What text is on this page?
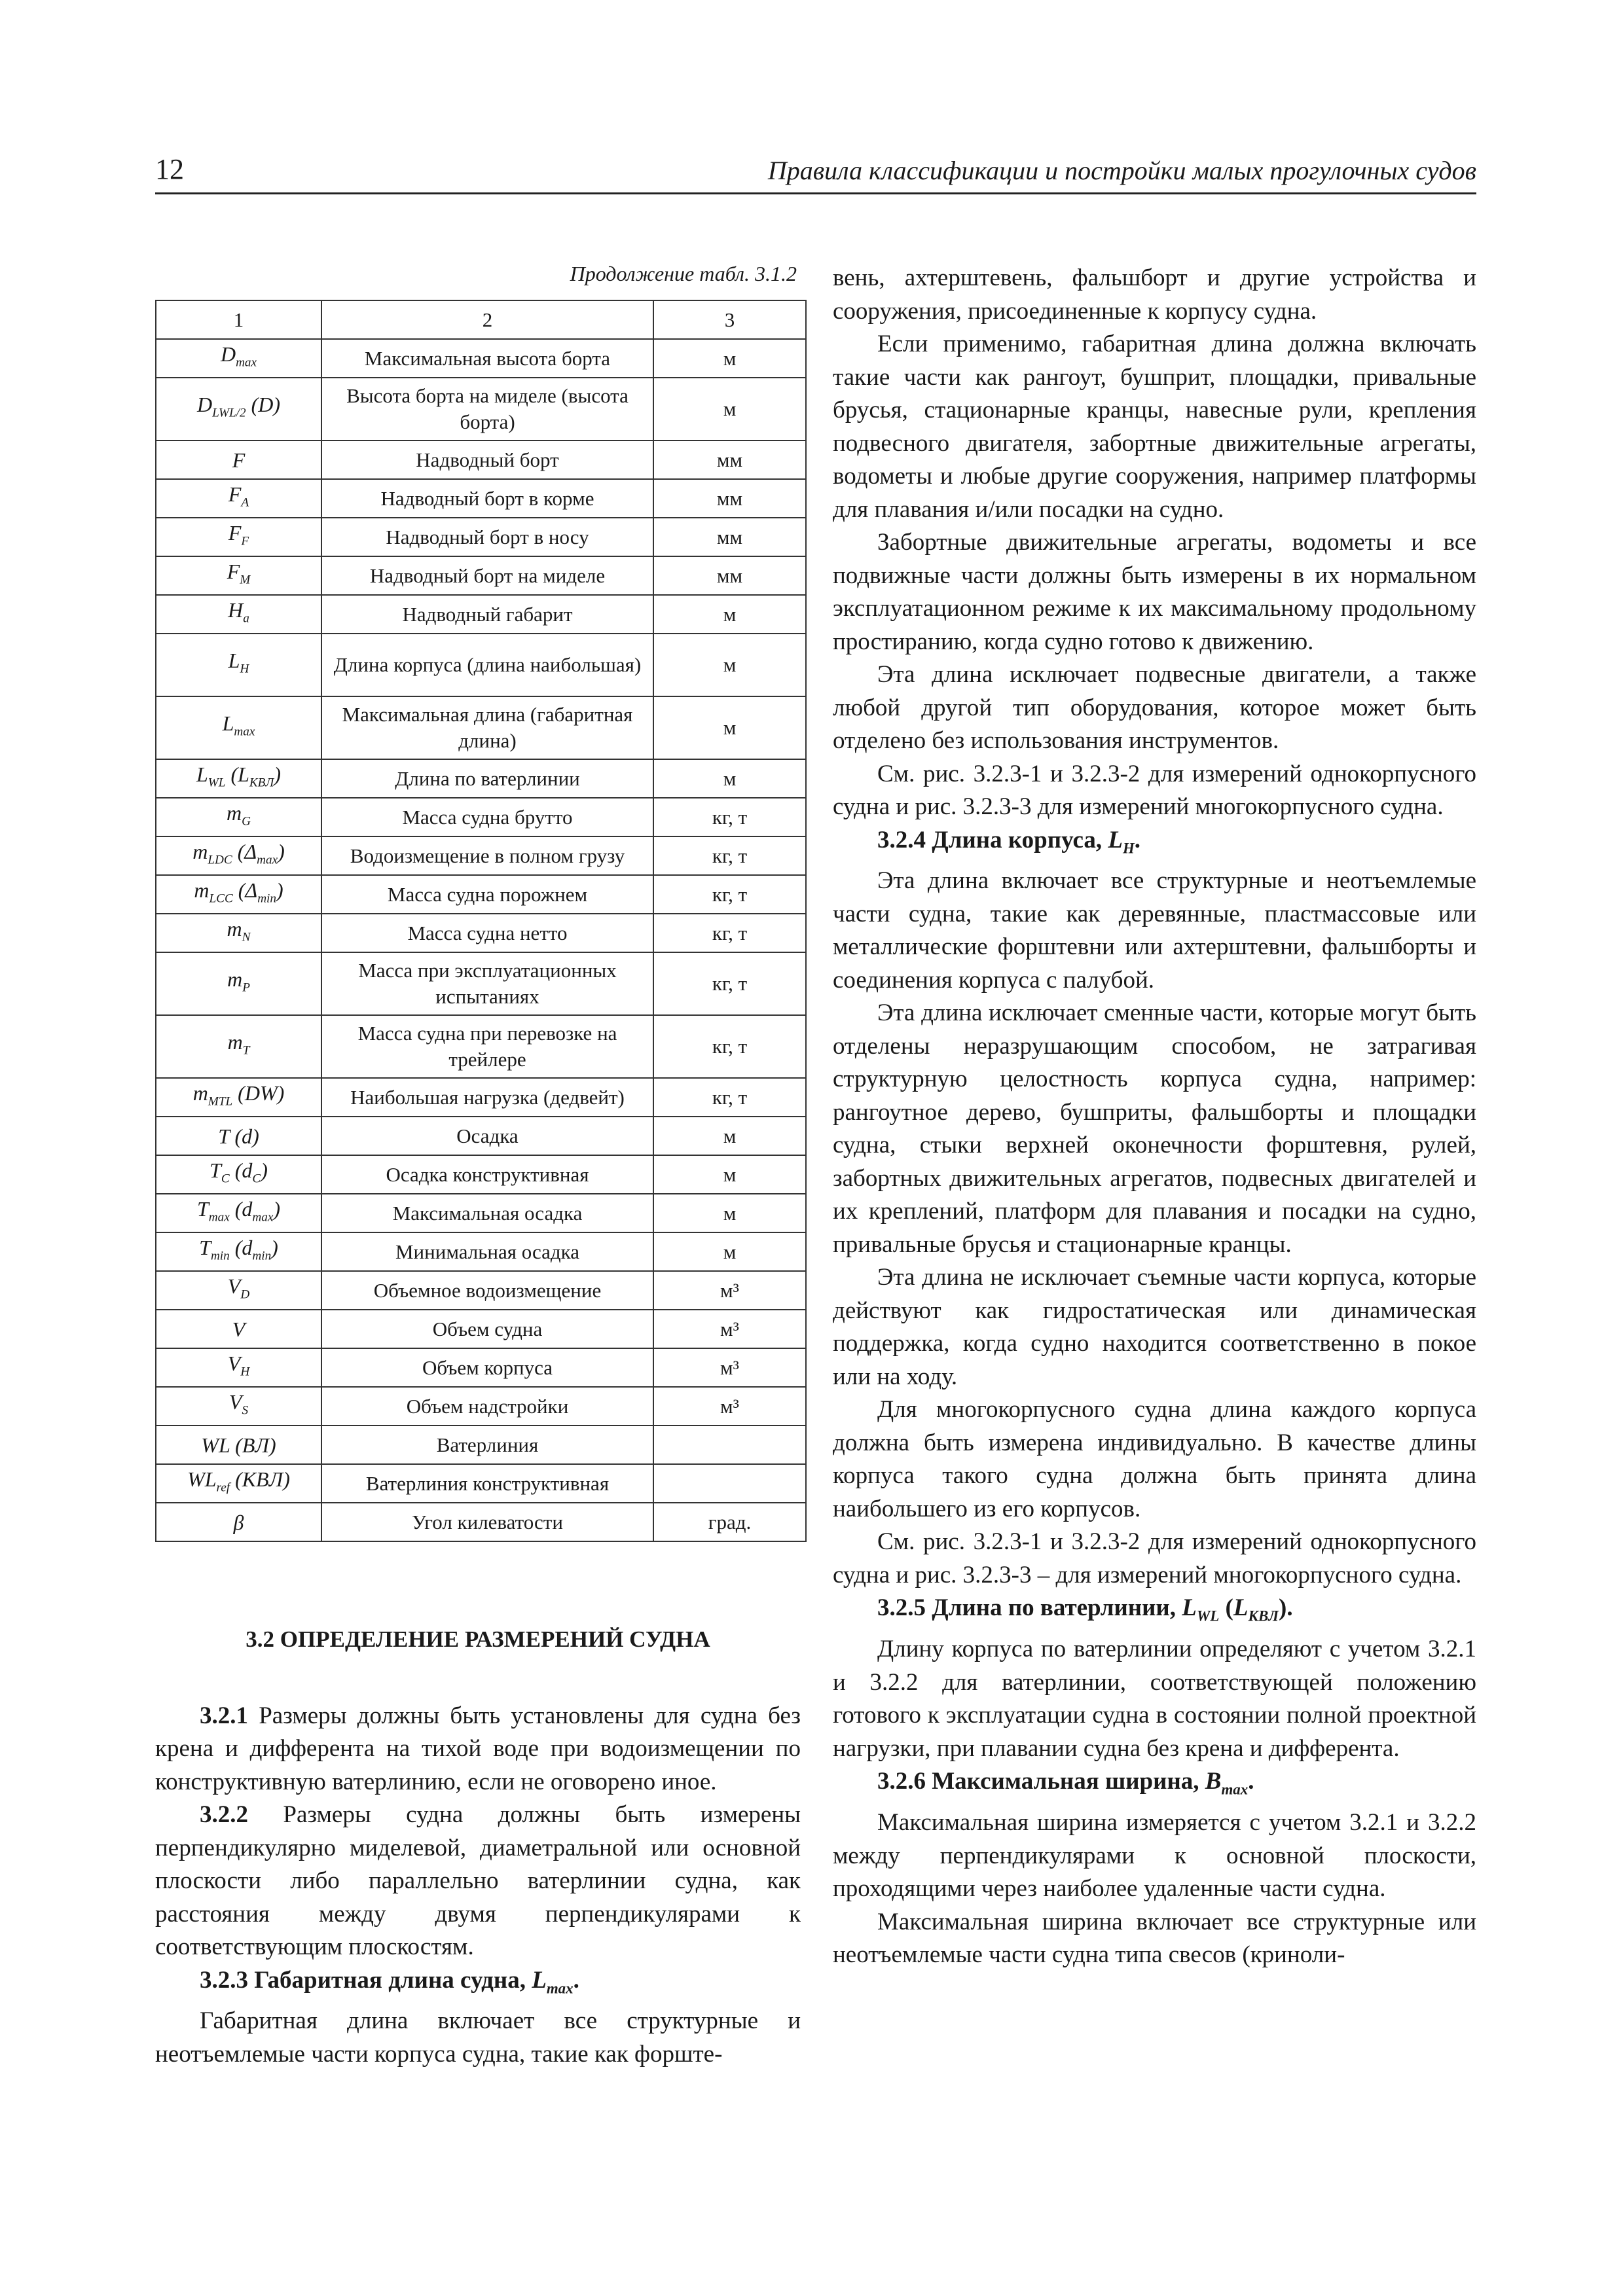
12	Правила классификации и постройки малых прогулочных судов
Продолжение табл. 3.1.2
1	2	3
$D_{max}$	Максимальная высота борта	м
$D_{LWL/2}$ (D)	Высота борта на миделе (высота борта)	м
F	Надводный борт	мм
$F_A$	Надводный борт в корме	мм
$F_F$	Надводный борт в носу	мм
$F_M$	Надводный борт на миделе	мм
$H_a$	Надводный габарит	м
$L_H$	Длина корпуса (длина наибольшая)	м
$L_{max}$	Максимальная длина (габаритная длина)	м
$L_{WL}$ $(L_{КВЛ})$	Длина по ватерлинии	м
$m_G$	Масса судна брутто	кг, т
$m_{LDC}$ $(\Delta_{max})$	Водоизмещение в полном грузу	кг, т
$m_{LCC}$ $(\Delta_{min})$	Масса судна порожнем	кг, т
$m_N$	Масса судна нетто	кг, т
$m_P$	Масса при эксплуатационных испытаниях	кг, т
$m_T$	Масса судна при перевозке на трейлере	кг, т
$m_{MTL}$ (DW)	Наибольшая нагрузка (дедвейт)	кг, т
T (d)	Осадка	м
$T_C$ $(d_C)$	Осадка конструктивная	м
$T_{max}$ $(d_{max})$	Максимальная осадка	м
$T_{min}$ $(d_{min})$	Минимальная осадка	м
$V_D$	Объемное водоизмещение	м³
V	Объем судна	м³
$V_H$	Объем корпуса	м³
$V_S$	Объем надстройки	м³
WL (ВЛ)	Ватерлиния	
$WL_{ref}$ (КВЛ)	Ватерлиния конструктивная	
β	Угол килеватости	град.

3.2 ОПРЕДЕЛЕНИЕ РАЗМЕРЕНИЙ СУДНА

3.2.1 Размеры должны быть установлены для судна без крена и дифферента на тихой воде при водоизмещении по конструктивную ватерлинию, если не оговорено иное.

3.2.2 Размеры судна должны быть измерены перпендикулярно миделевой, диаметральной или основной плоскости либо параллельно ватерлинии судна, как расстояния между двумя перпендикулярами к соответствующим плоскостям.

3.2.3 Габаритная длина судна, $L_{max}$.

Габаритная длина включает все структурные и неотъемлемые части корпуса судна, такие как форште-

вень, ахтерштевень, фальшборт и другие устройства и сооружения, присоединенные к корпусу судна.

Если применимо, габаритная длина должна включать такие части как рангоут, бушприт, площадки, привальные брусья, стационарные кранцы, навесные рули, крепления подвесного двигателя, забортные движительные агрегаты, водометы и любые другие сооружения, например платформы для плавания и/или посадки на судно.

Забортные движительные агрегаты, водометы и все подвижные части должны быть измерены в их нормальном эксплуатационном режиме к их максимальному продольному простиранию, когда судно готово к движению.

Эта длина исключает подвесные двигатели, а также любой другой тип оборудования, которое может быть отделено без использования инструментов.

См. рис. 3.2.3-1 и 3.2.3-2 для измерений однокорпусного судна и рис. 3.2.3-3 для измерений многокорпусного судна.

3.2.4 Длина корпуса, $L_H$.

Эта длина включает все структурные и неотъемлемые части судна, такие как деревянные, пластмассовые или металлические форштевни или ахтерштевни, фальшборты и соединения корпуса с палубой.

Эта длина исключает сменные части, которые могут быть отделены неразрушающим способом, не затрагивая структурную целостность корпуса судна, например: рангоутное дерево, бушприты, фальшборты и площадки судна, стыки верхней оконечности форштевня, рулей, забортных движительных агрегатов, подвесных двигателей и их креплений, платформ для плавания и посадки на судно, привальные брусья и стационарные кранцы.

Эта длина не исключает съемные части корпуса, которые действуют как гидростатическая или динамическая поддержка, когда судно находится соответственно в покое или на ходу.

Для многокорпусного судна длина каждого корпуса должна быть измерена индивидуально. В качестве длины корпуса такого судна должна быть принята длина наибольшего из его корпусов.

См. рис. 3.2.3-1 и 3.2.3-2 для измерений однокорпусного судна и рис. 3.2.3-3 – для измерений многокорпусного судна.

3.2.5 Длина по ватерлинии, $L_{WL}$ $(L_{КВЛ})$.

Длину корпуса по ватерлинии определяют с учетом 3.2.1 и 3.2.2 для ватерлинии, соответствующей положению готового к эксплуатации судна в состоянии полной проектной нагрузки, при плавании судна без крена и дифферента.

3.2.6 Максимальная ширина, $B_{max}$.

Максимальная ширина измеряется с учетом 3.2.1 и 3.2.2 между перпендикулярами к основной плоскости, проходящими через наиболее удаленные части судна.

Максимальная ширина включает все структурные или неотъемлемые части судна типа свесов (криноли-
